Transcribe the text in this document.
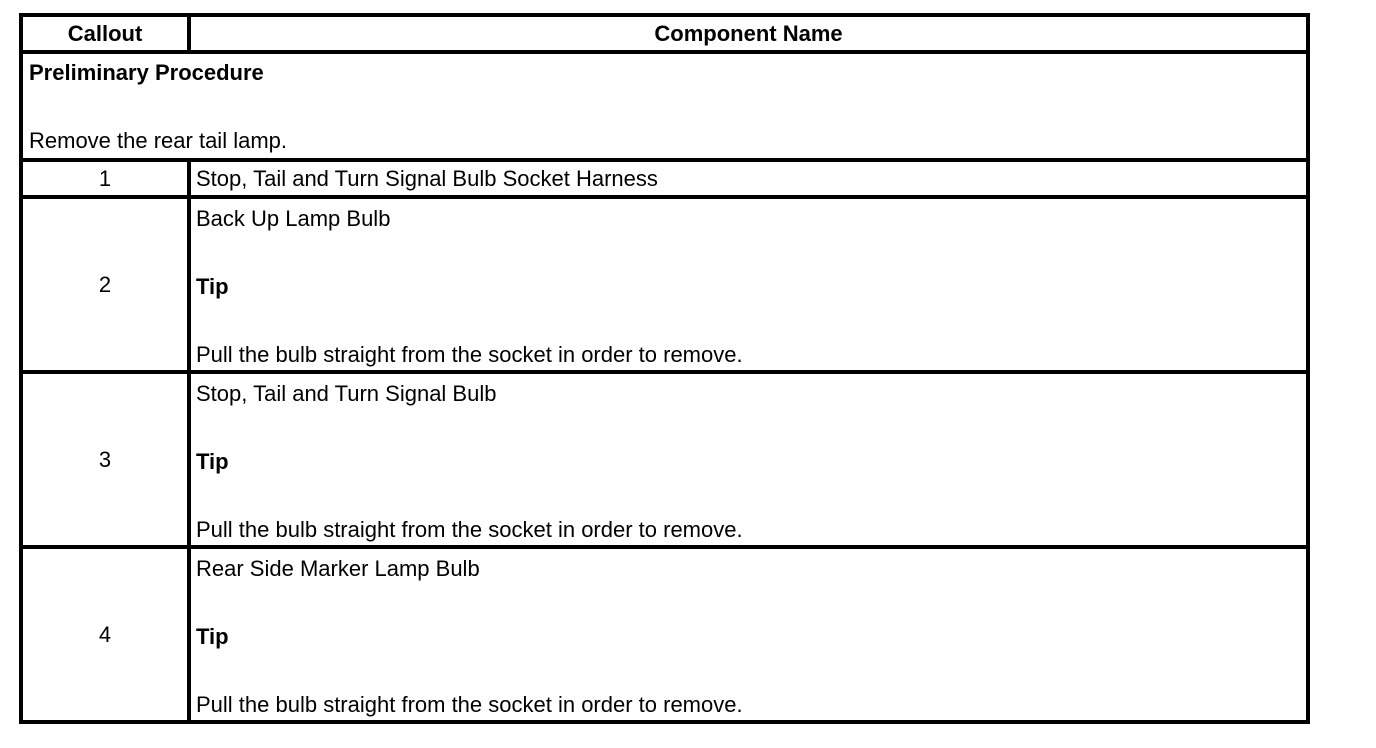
Callout	Component Name

Preliminary Procedure
Remove the rear tail lamp.	

1	Stop, Tail and Turn Signal Bulb Socket Harness
2	Back Up Lamp Bulb
Tip
Pull the bulb straight from the socket in order to remove.

3	Stop, Tail and Turn Signal Bulb
Tip
Pull the bulb straight from the socket in order to remove.

4	Rear Side Marker Lamp Bulb
Tip
Pull the bulb straight from the socket in order to remove.
